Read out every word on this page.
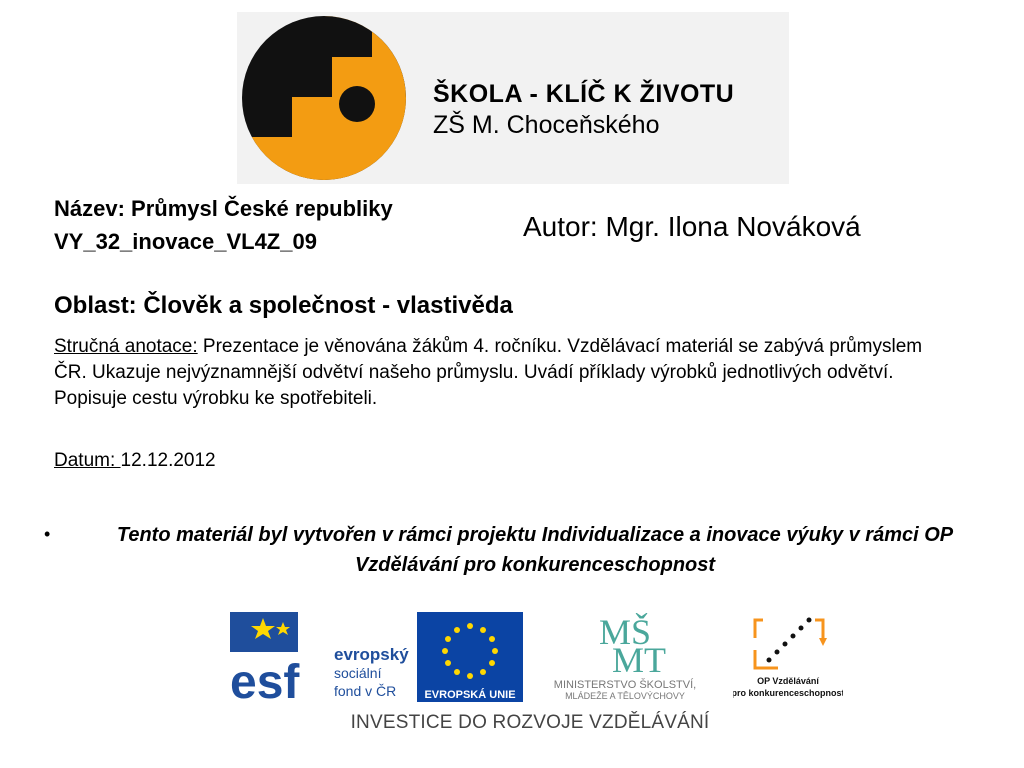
ŠKOLA - KLÍČ K ŽIVOTU
ZŠ M. Choceňského
Název: Průmysl České republiky
VY_32_inovace_VL4Z_09	Autor: Mgr. Ilona Nováková
Oblast: Člověk a společnost - vlastivěda
Stručná anotace: Prezentace je věnována žákům 4. ročníku. Vzdělávací materiál se zabývá průmyslem ČR. Ukazuje nejvýznamnější odvětví našeho průmyslu. Uvádí příklady výrobků jednotlivých odvětví. Popisuje cestu výrobku ke spotřebiteli.
Datum: 12.12.2012
•	Tento materiál byl vytvořen v rámci projektu Individualizace a inovace výuky v rámci OP Vzdělávání pro konkurenceschopnost
esf
evropský
sociální
fond v ČR	EVROPSKÁ UNIE
MŠ
MT
MINISTERSTVO ŠKOLSTVÍ,
MLÁDEŽE A TĚLOVÝCHOVY
OP Vzdělávání
pro konkurenceschopnost
INVESTICE DO ROZVOJE VZDĚLÁVÁNÍ
